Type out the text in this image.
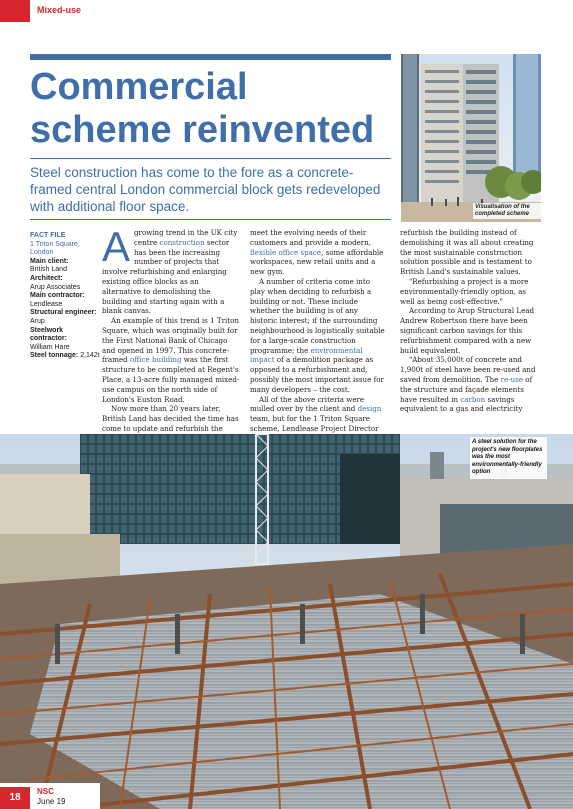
Mixed-use
Commercial
scheme reinvented

Steel construction has come to the fore as a concrete-framed central London commercial block gets redeveloped with additional floor space.	Visualisation of the completed scheme
FACT FILE
1 Triton Square, London
Main client:
British Land
Architect:
Arup Associates
Main contractor:
Lendlease
Structural engineer:
Arup
Steelwork contractor:
William Hare
Steel tonnage: 2,142t

Agrowing trend in the UK city centre construction sector has been the increasing number of projects that involve refurbishing and enlarging existing office blocks as an alternative to demolishing the building and starting again with a blank canvas.

An example of this trend is 1 Triton Square, which was originally built for the First National Bank of Chicago and opened in 1997. This concrete-framed office building was the first structure to be completed at Regent's Place, a 13-acre fully managed mixed-use campus on the north side of London's Euston Road.

Now more than 20 years later, British Land has decided the time has come to update and refurbish the

meet the evolving needs of their customers and provide a modern, flexible office space, some affordable workspaces, new retail units and a new gym.

A number of criteria come into play when deciding to refurbish a building or not. These include whether the building is of any historic interest; if the surrounding neighbourhood is logistically suitable for a large-scale construction programme; the environmental impact of a demolition package as opposed to a refurbishment and, possibly the most important issue for many developers – the cost.

All of the above criteria were mulled over by the client and design team, but for the 1 Triton Square scheme, Lendlease Project Director

refurbish the building instead of demolishing it was all about creating the most sustainable construction solution possible and is testament to British Land's sustainable values.

"Refurbishing a project is a more environmentally-friendly option, as well as being cost-effective."

According to Arup Structural Lead Andrew Robertson there have been significant carbon savings for this refurbishment compared with a new build equivalent.

"About 35,000t of concrete and 1,900t of steel have been re-used and saved from demolition. The re-use of the structure and façade elements have resulted in carbon savings equivalent to a gas and electricity

A steel solution for the project's new floorplates was the most environmentally-friendly option
18
NSC
June 19
